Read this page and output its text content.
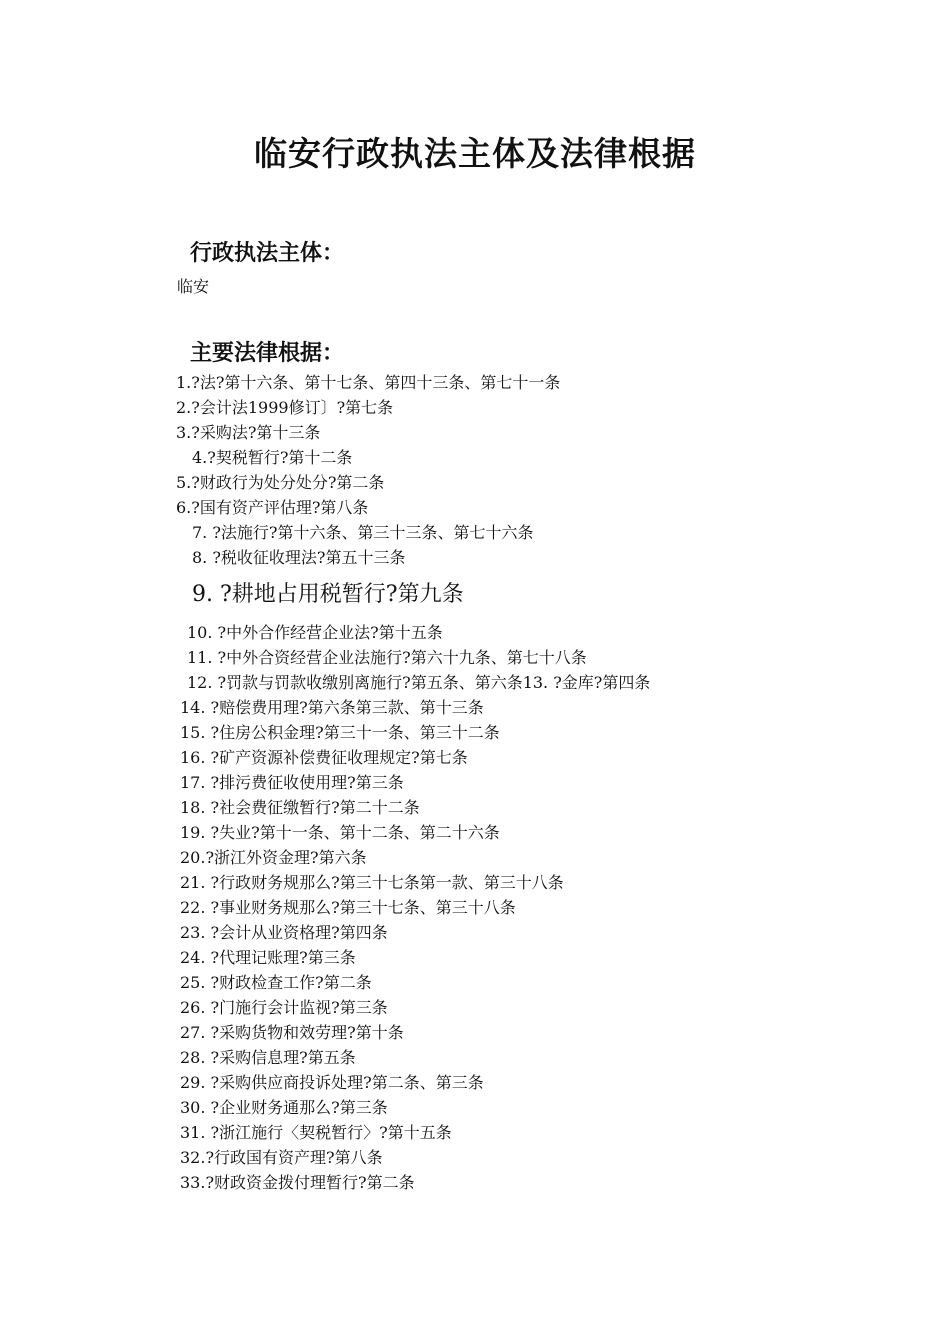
临安行政执法主体及法律根据
行政执法主体：
临安
主要法律根据：
1.?法?第十六条、第十七条、第四十三条、第七十一条
2.?会计法1999修订〕?第七条
3.?采购法?第十三条
4.?契税暂行?第十二条
5.?财政行为处分处分?第二条
6.?国有资产评估理?第八条
7. ?法施行?第十六条、第三十三条、第七十六条
8. ?税收征收理法?第五十三条
9. ?耕地占用税暂行?第九条
10. ?中外合作经营企业法?第十五条
11. ?中外合资经营企业法施行?第六十九条、第七十八条
12. ?罚款与罚款收缴别离施行?第五条、第六条13. ?金库?第四条
14. ?赔偿费用理?第六条第三款、第十三条
15. ?住房公积金理?第三十一条、第三十二条
16. ?矿产资源补偿费征收理规定?第七条
17. ?排污费征收使用理?第三条
18. ?社会费征缴暂行?第二十二条
19. ?失业?第十一条、第十二条、第二十六条
20.?浙江外资金理?第六条
21. ?行政财务规那么?第三十七条第一款、第三十八条
22. ?事业财务规那么?第三十七条、第三十八条
23. ?会计从业资格理?第四条
24. ?代理记账理?第三条
25. ?财政检查工作?第二条
26. ?门施行会计监视?第三条
27. ?采购货物和效劳理?第十条
28. ?采购信息理?第五条
29. ?采购供应商投诉处理?第二条、第三条
30. ?企业财务通那么?第三条
31. ?浙江施行〈契税暂行〉?第十五条
32.?行政国有资产理?第八条
33.?财政资金拨付理暂行?第二条
